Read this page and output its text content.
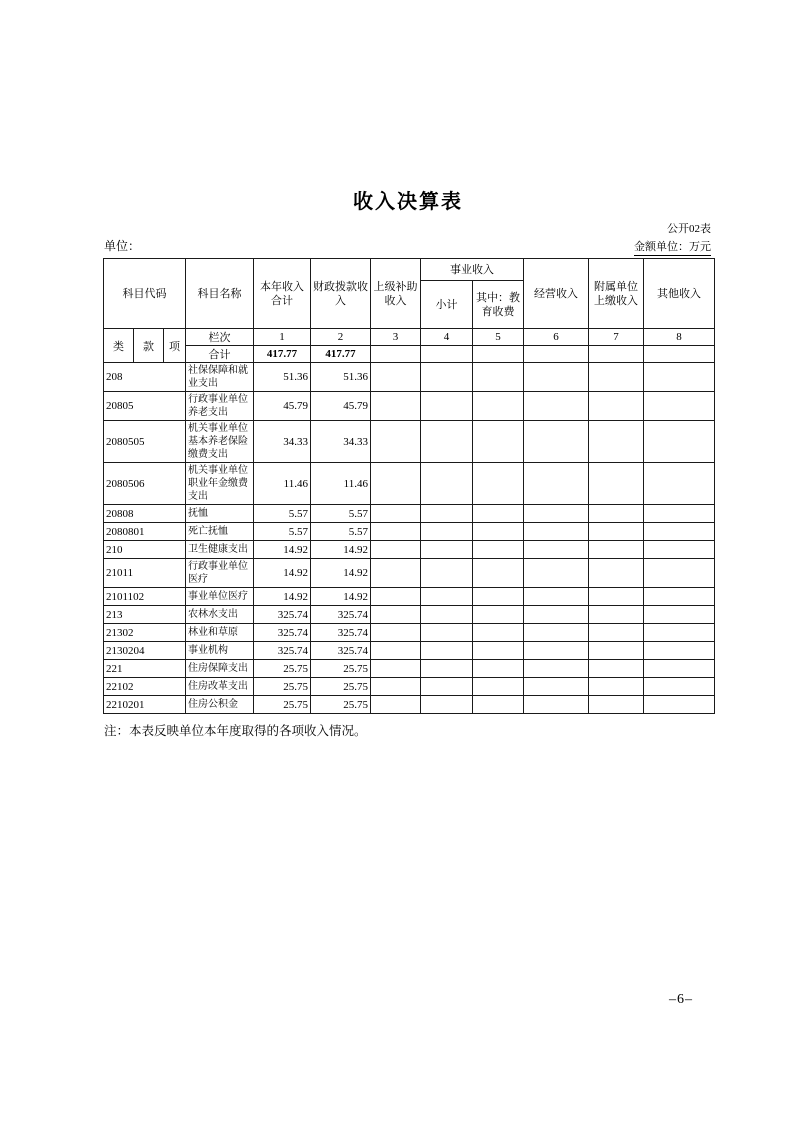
收入决算表
公开02表
单位：	金额单位：万元
科目代码			科目名称	本年收入合计	财政拨款收入	上级补助收入	事业收入		经营收入	附属单位上缴收入	其他收入
							小计	其中：教育收费			
类	款	项	栏次	1	2	3	4	5	6	7	8
			合计	417.77	417.77						
208			社保保障和就业支出	51.36	51.36						
20805			行政事业单位养老支出	45.79	45.79						
2080505			机关事业单位基本养老保险缴费支出	34.33	34.33						
2080506			机关事业单位职业年金缴费支出	11.46	11.46						
20808			抚恤	5.57	5.57						
2080801			死亡抚恤	5.57	5.57						
210			卫生健康支出	14.92	14.92						
21011			行政事业单位医疗	14.92	14.92						
2101102			事业单位医疗	14.92	14.92						
213			农林水支出	325.74	325.74						
21302			林业和草原	325.74	325.74						
2130204			事业机构	325.74	325.74						
221			住房保障支出	25.75	25.75						
22102			住房改革支出	25.75	25.75						
2210201			住房公积金	25.75	25.75						
注：本表反映单位本年度取得的各项收入情况。
–6–
